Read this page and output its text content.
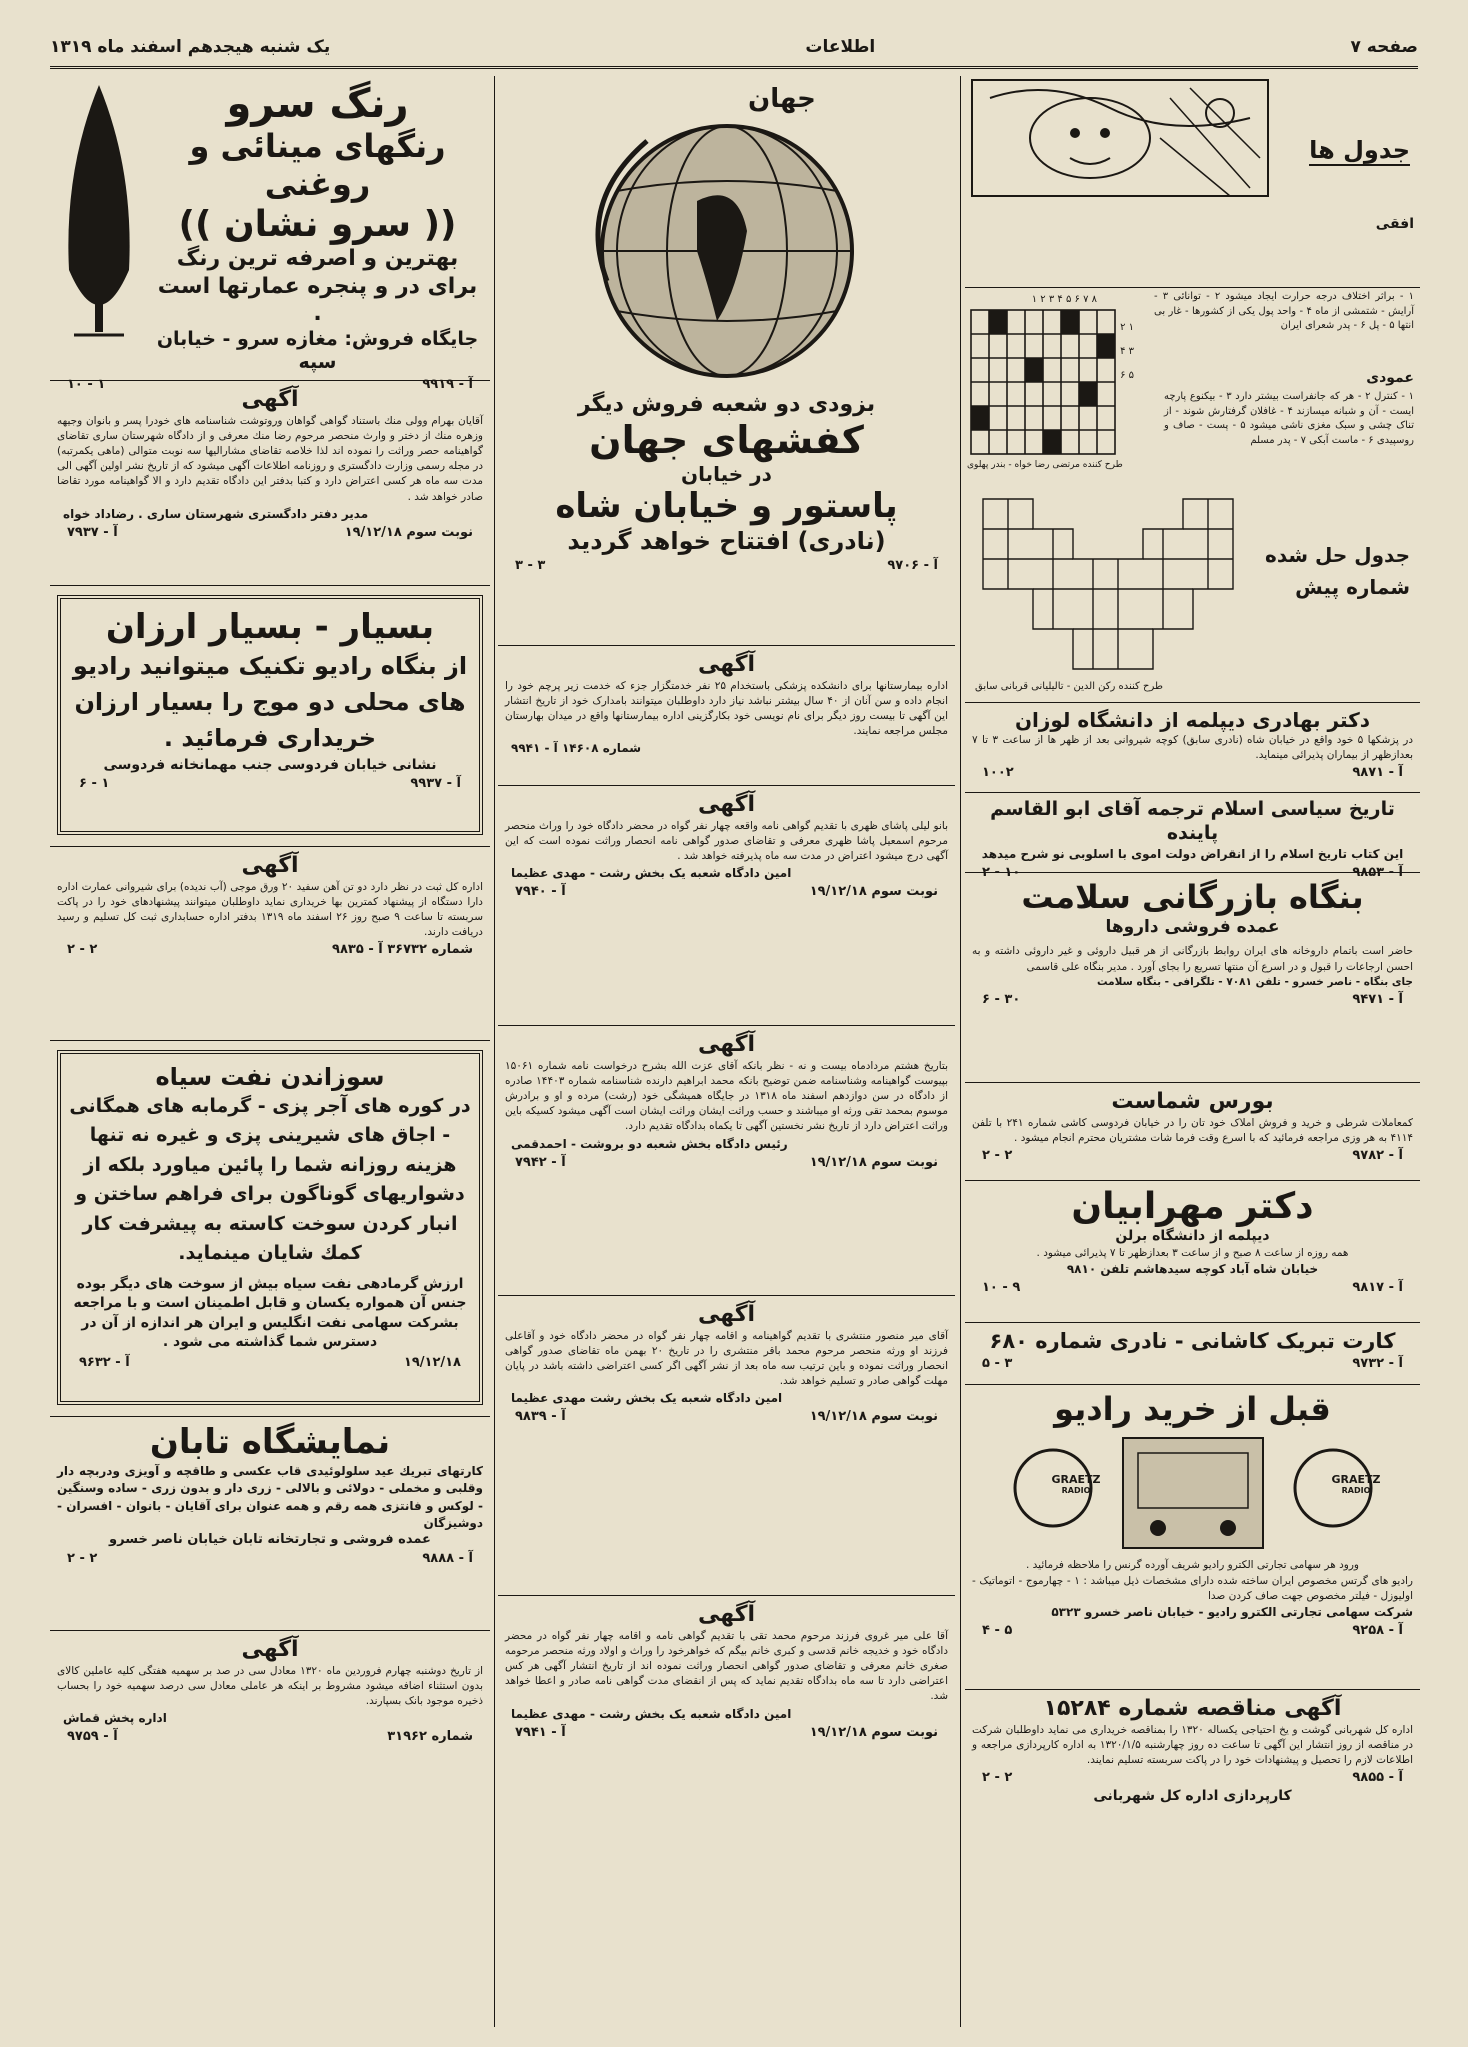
صفحه ۷
اطلاعات
یک شنبه هیجدهم اسفند ماه ۱۳۱۹
جدول ها
افقی
۸ ۷ ۶ ۵ ۴ ۳ ۲ ۱
۱ ۲ ۳ ۴ ۵ ۶
طرح کننده مرتضی رضا خواه - بندر پهلوی
۱ - براثر اختلاف درجه حرارت ایجاد میشود ۲ - توانائی ۳ - آرایش - شتمشی از ماه ۴ - واحد پول یکی از کشورها - غار بی انتها ۵ - پل ۶ - پدر شعرای ایران
عمودی
۱ - کنترل ۲ - هر که جانفراست بیشتر دارد ۳ - بیکنوع پارچه ایست - آن و شبانه میسازند ۴ - غافلان گرفتارش شوند - از تناک چشی و سبک مغزی ناشی میشود ۵ - پست - صاف و روسپیدی ۶ - ماست آبکی ۷ - پدر مسلم
جدول حل شده
شماره پیش
طرح کننده رکن الدین - تالیلیانی قربانی سابق
دکتر بهادری دیپلمه از دانشگاه لوزان
در پزشکها ۵ خود واقع در خیابان شاه (نادری سابق) کوچه شیروانی بعد از ظهر ها از ساعت ۳ تا ۷ بعدازظهر از بیماران پذیرائی مینماید.
آ - ۹۸۷۱
۱۰۰۲
تاریخ سیاسی اسلام ترجمه آقای ابو القاسم پاینده
این کتاب تاریخ اسلام را از انقراض دولت اموی با اسلوبی نو شرح میدهد
آ - ۹۸۵۳
۱۰ - ۲
بنگاه بازرگانی سلامت
عمده فروشی داروها
حاضر است باتمام داروخانه های ایران روابط بازرگانی از هر قبیل داروئی و غیر داروئی داشته و به احسن ارجاعات را قبول و در اسرع آن منتها تسریع را بجای آورد . مدیر بنگاه علی قاسمی
جای بنگاه - ناصر خسرو - تلفن ۷۰۸۱ - تلگرافی - بنگاه سلامت
آ - ۹۴۷۱
۳۰ - ۶
بورس شماست
کمعاملات شرطی و خرید و فروش املاک خود تان را در خیابان فردوسی کاشی شماره ۲۴۱ با تلفن ۴۱۱۴ به هر وزی مراجعه فرمائید که با اسرع وقت فرما شات مشتریان محترم انجام میشود .
آ - ۹۷۸۲
۲ - ۲
دکتر مهرابیان
دیپلمه از دانشگاه برلن
همه روزه از ساعت ۸ صبح و از ساعت ۳ بعدازظهر تا ۷ پذیرائی میشود .
خیابان شاه آباد کوچه سیدهاشم تلفن ۹۸۱۰
آ - ۹۸۱۷
۹ - ۱۰
کارت تبریک کاشانی - نادری شماره ۶۸۰
آ - ۹۷۳۲
۳ - ۵
قبل از خرید رادیو
GRAETZ
RADIO
GRAETZ
RADIO
ورود هر سهامی تجارتی الکترو رادیو شریف آورده گرنس را ملاحظه فرمائید .
رادیو های گرتس مخصوص ایران ساخته شده دارای مشخصات ذیل میباشد : ۱ - چهارموج - اتوماتیک - اولیوزل - فیلتر مخصوص جهت صاف کردن صدا
شرکت سهامی تجارتی الکترو رادیو - خیابان ناصر خسرو ۵۳۲۳
آ - ۹۲۵۸
۵ - ۴
آگهی مناقصه شماره ۱۵۲۸۴
اداره کل شهربانی گوشت و یخ احتیاجی یکساله ۱۳۲۰ را بمناقصه خریداری می نماید داوطلبان شرکت در مناقصه از روز انتشار این آگهی تا ساعت ده روز چهارشنبه ۱۳۲۰/۱/۵ به اداره کارپردازی مراجعه و اطلاعات لازم را تحصیل و پیشنهادات خود را در پاکت سربسته تسلیم نمایند.
آ - ۹۸۵۵
۲ - ۲
کارپردازی اداره کل شهربانی
جهان
بزودی دو شعبه فروش دیگر
کفشهای جهان
در خیابان
پاستور و خیابان شاه
(نادری) افتتاح خواهد گردید
آ - ۹۷۰۶
۳ - ۳
آگهی
اداره بیمارستانها برای دانشکده پزشکی باستخدام ۲۵ نفر خدمتگزار جزء که خدمت زیر پرچم خود را انجام داده و سن آنان از ۴۰ سال بیشتر نباشد نیاز دارد داوطلبان میتوانند بامدارک خود از تاریخ انتشار این آگهی تا بیست روز دیگر برای نام نویسی خود بکارگزینی اداره بیمارستانها واقع در میدان بهارستان مجلس مراجعه نمایند.
شماره ۱۴۶۰۸ آ - ۹۹۴۱
آگهی
بانو لیلی پاشای ظهری با تقدیم گواهی نامه واقعه چهار نفر گواه در محضر دادگاه خود را وراث منحصر مرحوم اسمعیل پاشا ظهری معرفی و تقاضای صدور گواهی نامه انحصار وراثت نموده است که این آگهی درج میشود اعتراض در مدت سه ماه پذیرفته خواهد شد .
امین دادگاه شعبه یک بخش رشت - مهدی عظیما
نوبت سوم ۱۹/۱۲/۱۸
آ - ۷۹۴۰
آگهی
بتاریخ هشتم مردادماه بیست و نه - نظر بانکه آقای عزت الله بشرح درخواست نامه شماره ۱۵۰۶۱ بپیوست گواهینامه وشناسنامه ضمن توضیح بانکه محمد ابراهیم دارنده شناسنامه شماره ۱۴۴۰۳ صادره از دادگاه در سن دوازدهم اسفند ماه ۱۳۱۸ در جایگاه همیشگی خود (رشت) مرده و او و برادرش موسوم بمحمد تقی ورثه او میباشند و حسب وراثت ایشان وراثت ایشان است آگهی میشود کسیکه باین وراثت اعتراض دارد از تاریخ نشر نخستین آگهی تا یکماه بدادگاه تقدیم دارد.
رئیس دادگاه بخش شعبه دو بروشت - احمدقمی
نوبت سوم ۱۹/۱۲/۱۸
آ - ۷۹۴۲
آگهی
آقای میر منصور منتشری با تقدیم گواهینامه و اقامه چهار نفر گواه در محضر دادگاه خود و آقاعلی فرزند او ورثه منحصر مرحوم محمد باقر منتشری را در تاریخ ۲۰ بهمن ماه تقاضای صدور گواهی انحصار وراثت نموده و باین ترتیب سه ماه بعد از نشر آگهی اگر کسی اعتراضی داشته باشد در پایان مهلت گواهی صادر و تسلیم خواهد شد.
امین دادگاه شعبه یک بخش رشت مهدی عظیما
نوبت سوم ۱۹/۱۲/۱۸
آ - ۹۸۳۹
آگهی
آقا علی میر غروی فرزند مرحوم محمد تقی با تقدیم گواهی نامه و اقامه چهار نفر گواه در محضر دادگاه خود و خدیجه خانم قدسی و کبری خانم بیگم که خواهرخود را وراث و اولاد ورثه منحصر مرحومه صغری خانم معرفی و تقاضای صدور گواهی انحصار وراثت نموده اند از تاریخ انتشار آگهی هر کس اعتراضی دارد تا سه ماه بدادگاه تقدیم نماید که پس از انقضای مدت گواهی نامه صادر و اعطا خواهد شد.
امین دادگاه شعبه یک بخش رشت - مهدی عظیما
نوبت سوم ۱۹/۱۲/۱۸
آ - ۷۹۴۱
رنگ سرو
رنگهای مینائی و روغنی
(( سرو نشان ))
بهترین و اصرفه ترین رنگ
برای در و پنجره عمارتها است .
جایگاه فروش: مغازه سرو - خیابان سپه
آ - ۹۹۱۹
۱ - ۱۰
آگهی
آقایان بهرام وولی منك باستناد گواهی گواهان وروتوشت شناسنامه های خودرا پسر و بانوان وجیهه وزهره منك از دختر و وارث منحصر مرحوم رضا منك معرفی و از دادگاه شهرستان ساری تقاضای گواهینامه حصر وراثت را نموده اند لذا خلاصه تقاضای مشارالیها سه نوبت متوالی (ماهی یکمرتبه) در مجله رسمی وزارت دادگستری و روزنامه اطلاعات آگهی میشود که از تاریخ نشر اولین آگهی الی مدت سه ماه هر کسی اعتراض دارد و کتبا بدفتر این دادگاه تقدیم دارد و الا گواهینامه مورد تقاضا صادر خواهد شد .
مدیر دفتر دادگستری شهرستان ساری . رضاداد خواه
نوبت سوم ۱۹/۱۲/۱۸
آ - ۷۹۳۷
بسیار - بسیار ارزان
از بنگاه رادیو تکنیک میتوانید رادیو های محلی دو موج را بسیار ارزان خریداری فرمائید .
نشانی خیابان فردوسی جنب مهمانخانه فردوسی
آ - ۹۹۳۷
۱ - ۶
آگهی
اداره کل ثبت در نظر دارد دو تن آهن سفید ۲۰ ورق موجی (آب ندیده) برای شیروانی عمارت اداره دارا دستگاه از پیشنهاد کمترین بها خریداری نماید داوطلبان میتوانند پیشنهادهای خود را در پاکت سربسته تا ساعت ۹ صبح روز ۲۶ اسفند ماه ۱۳۱۹ بدفتر اداره حسابداری ثبت کل تسلیم و رسید دریافت دارند.
شماره ۳۶۷۳۲ آ - ۹۸۳۵
۲ - ۲
سوزاندن نفت سیاه
در کوره های آجر پزی - گرمابه های همگانی - اجاق های شیرینی پزی و غیره نه تنها هزینه روزانه شما را پائین میاورد بلکه از دشواریهای گوناگون برای فراهم ساختن و انبار کردن سوخت کاسته به پیشرفت کار کمك شایان مینماید.
ارزش گرمادهی نفت سیاه بیش از سوخت های دیگر بوده جنس آن همواره یکسان و قابل اطمینان است و با مراجعه بشرکت سهامی نفت انگلیس و ایران هر اندازه از آن در دسترس شما گذاشته می شود .
۱۹/۱۲/۱۸
آ - ۹۶۳۲
نمایشگاه تابان
کارتهای تبریك عید سلولوئیدی قاب عکسی و طاقچه و آویزی ودربچه دار وقلبی و مخملی - دولائی و بالالی - زری دار و بدون زری - ساده وسنگین - لوکس و فانتزی همه رقم و همه عنوان برای آقایان - بانوان - افسران - دوشیزگان
عمده فروشی و تجارتخانه تابان خیابان ناصر خسرو
آ - ۹۸۸۸
۲ - ۲
آگهی
از تاریخ دوشنبه چهارم فروردین ماه ۱۳۲۰ معادل سی در صد بر سهمیه هفتگی کلیه عاملین کالای بدون استثناء اضافه میشود مشروط بر اینکه هر عاملی معادل سی درصد سهمیه خود را بحساب ذخیره موجود بانک بسپارند.
اداره پخش قماش
شماره ۳۱۹۶۲
آ - ۹۷۵۹
